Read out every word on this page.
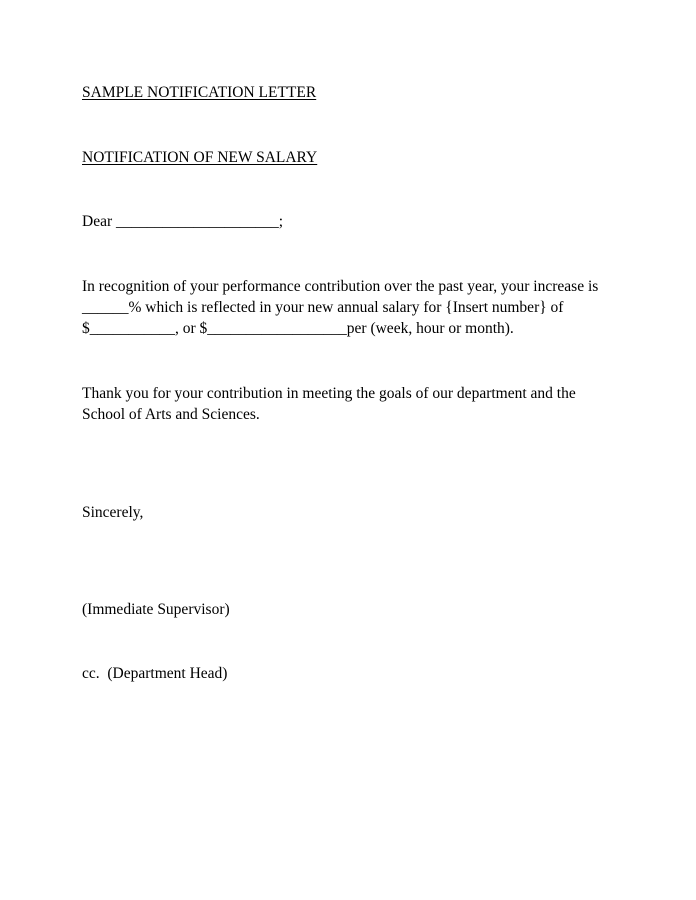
SAMPLE NOTIFICATION LETTER
NOTIFICATION OF NEW SALARY
Dear _____________________;
In recognition of your performance contribution over the past year, your increase is
______% which is reflected in your new annual salary for {Insert number} of
$___________, or $__________________per (week, hour or month).
Thank you for your contribution in meeting the goals of our department and the
School of Arts and Sciences.
Sincerely,
(Immediate Supervisor)
cc.  (Department Head)
